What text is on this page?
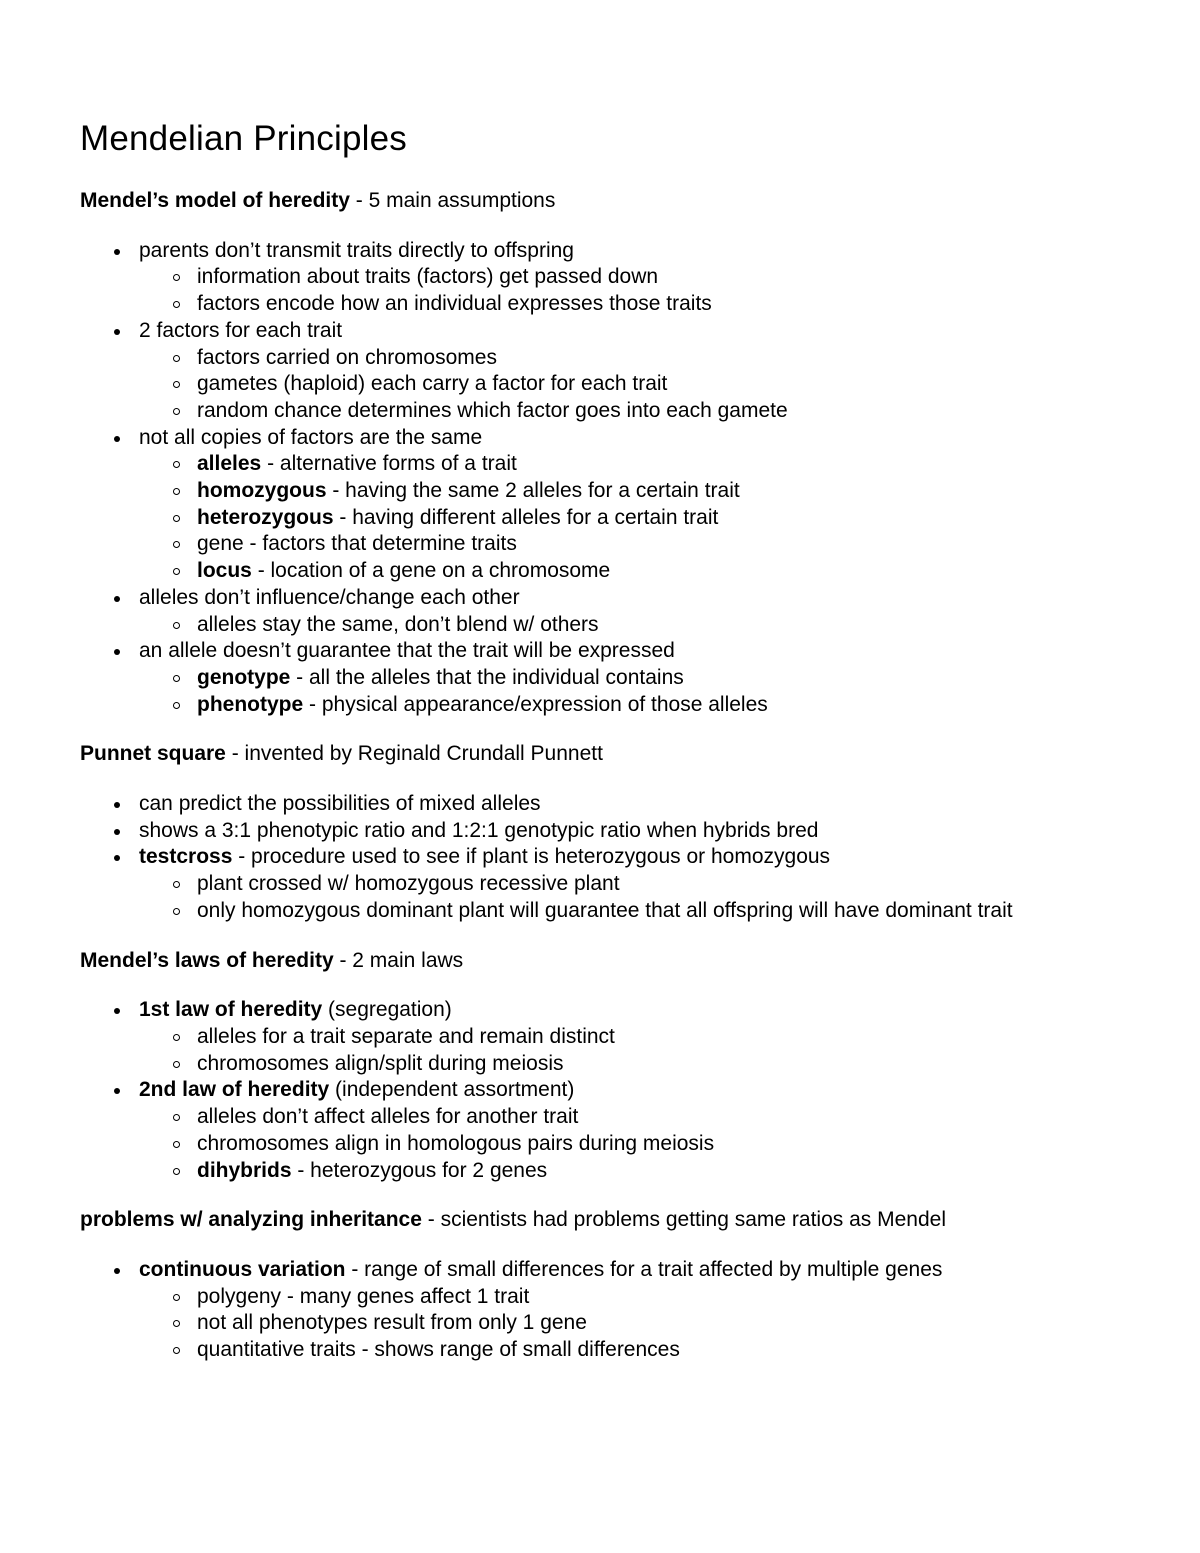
Mendelian Principles

Mendel’s model of heredity - 5 main assumptions

parents don’t transmit traits directly to offspring
information about traits (factors) get passed down
factors encode how an individual expresses those traits
2 factors for each trait
factors carried on chromosomes
gametes (haploid) each carry a factor for each trait
random chance determines which factor goes into each gamete
not all copies of factors are the same
alleles - alternative forms of a trait
homozygous - having the same 2 alleles for a certain trait
heterozygous - having different alleles for a certain trait
gene - factors that determine traits
locus - location of a gene on a chromosome
alleles don’t influence/change each other
alleles stay the same, don’t blend w/ others
an allele doesn’t guarantee that the trait will be expressed
genotype - all the alleles that the individual contains
phenotype - physical appearance/expression of those alleles

Punnet square - invented by Reginald Crundall Punnett

can predict the possibilities of mixed alleles
shows a 3:1 phenotypic ratio and 1:2:1 genotypic ratio when hybrids bred
testcross - procedure used to see if plant is heterozygous or homozygous
plant crossed w/ homozygous recessive plant
only homozygous dominant plant will guarantee that all offspring will have dominant trait

Mendel’s laws of heredity - 2 main laws

1st law of heredity (segregation)
alleles for a trait separate and remain distinct
chromosomes align/split during meiosis
2nd law of heredity (independent assortment)
alleles don’t affect alleles for another trait
chromosomes align in homologous pairs during meiosis
dihybrids - heterozygous for 2 genes

problems w/ analyzing inheritance - scientists had problems getting same ratios as Mendel

continuous variation - range of small differences for a trait affected by multiple genes
polygeny - many genes affect 1 trait
not all phenotypes result from only 1 gene
quantitative traits - shows range of small differences
